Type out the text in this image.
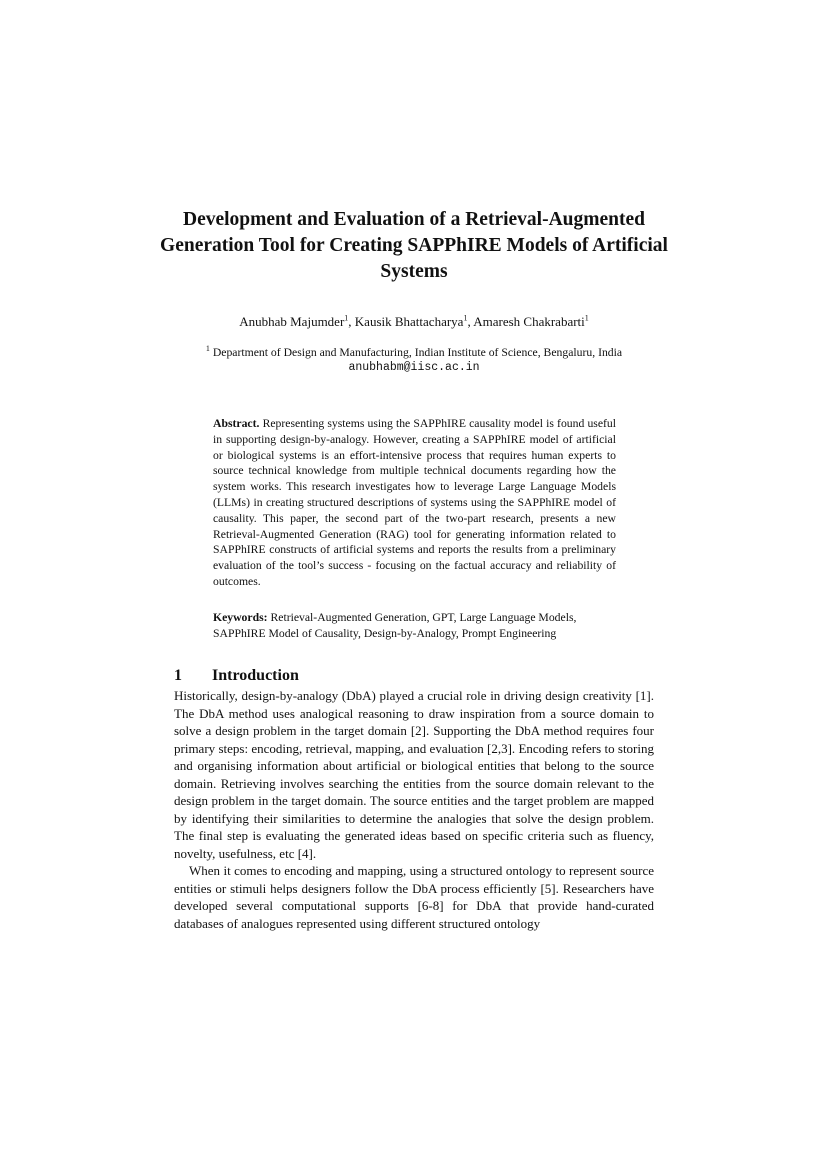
Development and Evaluation of a Retrieval-Augmented Generation Tool for Creating SAPPhIRE Models of Artificial Systems
Anubhab Majumder$^1$, Kausik Bhattacharya$^1$, Amaresh Chakrabarti$^1$
$^1$ Department of Design and Manufacturing, Indian Institute of Science, Bengaluru, India
anubhabm@iisc.ac.in
Abstract. Representing systems using the SAPPhIRE causality model is found useful in supporting design-by-analogy. However, creating a SAPPhIRE model of artificial or biological systems is an effort-intensive process that requires human experts to source technical knowledge from multiple technical documents regarding how the system works. This research investigates how to leverage Large Language Models (LLMs) in creating structured descriptions of systems using the SAPPhIRE model of causality. This paper, the second part of the two-part research, presents a new Retrieval-Augmented Generation (RAG) tool for generating information related to SAPPhIRE constructs of artificial systems and reports the results from a preliminary evaluation of the tool’s success - focusing on the factual accuracy and reliability of outcomes.
Keywords: Retrieval-Augmented Generation, GPT, Large Language Models, SAPPhIRE Model of Causality, Design-by-Analogy, Prompt Engineering
1 Introduction

Historically, design-by-analogy (DbA) played a crucial role in driving design creativity [1]. The DbA method uses analogical reasoning to draw inspiration from a source domain to solve a design problem in the target domain [2]. Supporting the DbA method requires four primary steps: encoding, retrieval, mapping, and evaluation [2,3]. Encoding refers to storing and organising information about artificial or biological entities that belong to the source domain. Retrieving involves searching the entities from the source domain relevant to the design problem in the target domain. The source entities and the target problem are mapped by identifying their similarities to determine the analogies that solve the design problem. The final step is evaluating the generated ideas based on specific criteria such as fluency, novelty, usefulness, etc [4].

When it comes to encoding and mapping, using a structured ontology to represent source entities or stimuli helps designers follow the DbA process efficiently [5]. Researchers have developed several computational supports [6-8] for DbA that provide hand-curated databases of analogues represented using different structured ontology
